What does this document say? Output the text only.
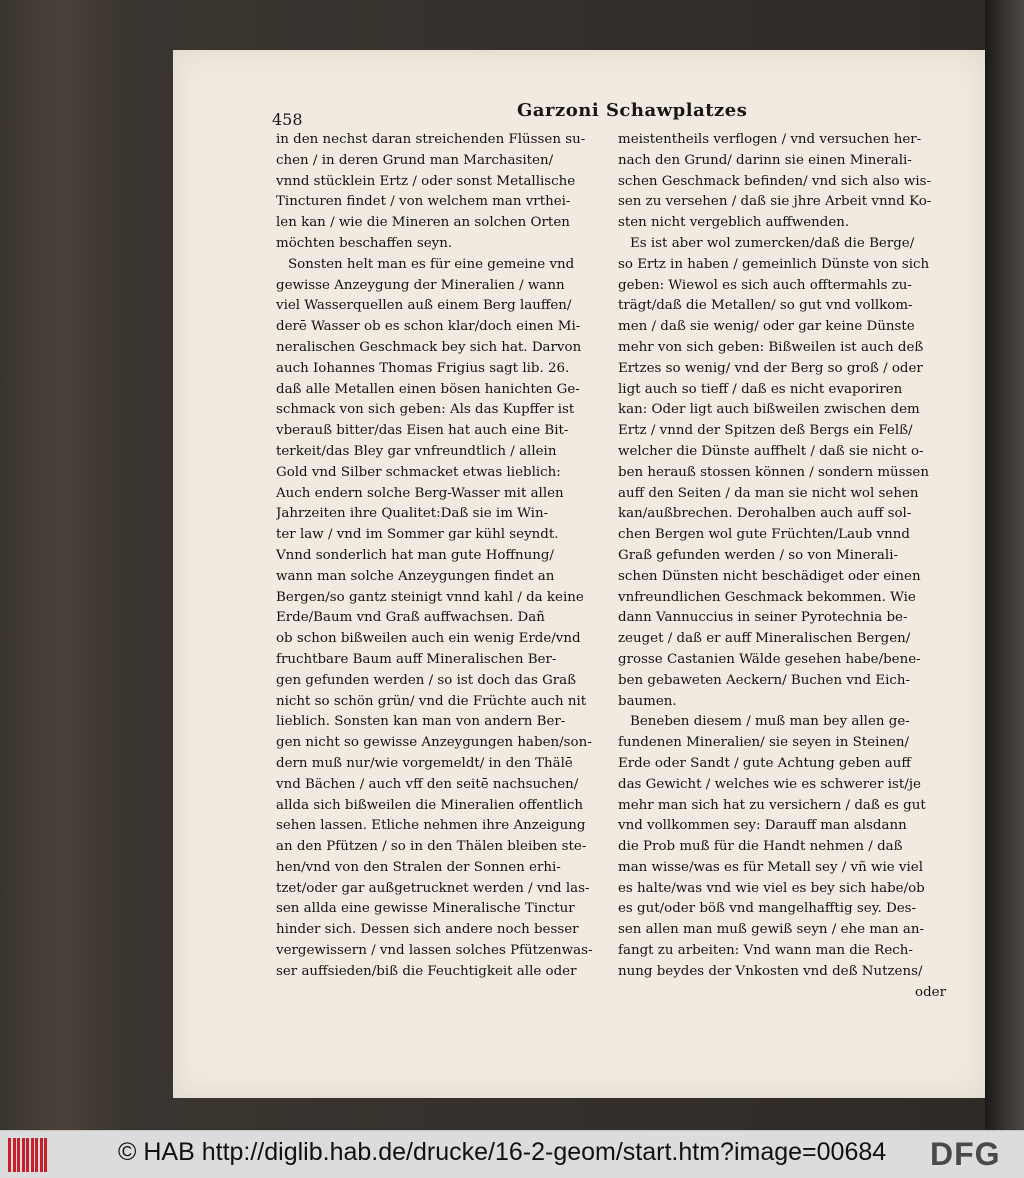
458	Garzoni Schawplatzes
in den nechst daran streichenden Flüssen su-
chen / in deren Grund man Marchasiten/
vnnd stücklein Ertz / oder sonst Metallische
Tincturen findet / von welchem man vrthei-
len kan / wie die Mineren an solchen Orten
möchten beschaffen seyn.
Sonsten helt man es für eine gemeine vnd
gewisse Anzeygung der Mineralien / wann
viel Wasserquellen auß einem Berg lauffen/
derē Wasser ob es schon klar/doch einen Mi-
neralischen Geschmack bey sich hat. Darvon
auch Iohannes Thomas Frigius sagt lib. 26.
daß alle Metallen einen bösen hanichten Ge-
schmack von sich geben: Als das Kupffer ist
vberauß bitter/das Eisen hat auch eine Bit-
terkeit/das Bley gar vnfreundtlich / allein
Gold vnd Silber schmacket etwas lieblich:
Auch endern solche Berg-Wasser mit allen
Jahrzeiten ihre Qualitet:Daß sie im Win-
ter law / vnd im Sommer gar kühl seyndt.
Vnnd sonderlich hat man gute Hoffnung/
wann man solche Anzeygungen findet an
Bergen/so gantz steinigt vnnd kahl / da keine
Erde/Baum vnd Graß auffwachsen. Dañ
ob schon bißweilen auch ein wenig Erde/vnd
fruchtbare Baum auff Mineralischen Ber-
gen gefunden werden / so ist doch das Graß
nicht so schön grün/ vnd die Früchte auch nit
lieblich. Sonsten kan man von andern Ber-
gen nicht so gewisse Anzeygungen haben/son-
dern muß nur/wie vorgemeldt/ in den Thälē
vnd Bächen / auch vff den seitē nachsuchen/
allda sich bißweilen die Mineralien offentlich
sehen lassen. Etliche nehmen ihre Anzeigung
an den Pfützen / so in den Thälen bleiben ste-
hen/vnd von den Stralen der Sonnen erhi-
tzet/oder gar außgetrucknet werden / vnd las-
sen allda eine gewisse Mineralische Tinctur
hinder sich. Dessen sich andere noch besser
vergewissern / vnd lassen solches Pfützenwas-
ser auffsieden/biß die Feuchtigkeit alle oder
meistentheils verflogen / vnd versuchen her-
nach den Grund/ darinn sie einen Minerali-
schen Geschmack befinden/ vnd sich also wis-
sen zu versehen / daß sie jhre Arbeit vnnd Ko-
sten nicht vergeblich auffwenden.
Es ist aber wol zumercken/daß die Berge/
so Ertz in haben / gemeinlich Dünste von sich
geben: Wiewol es sich auch offtermahls zu-
trägt/daß die Metallen/ so gut vnd vollkom-
men / daß sie wenig/ oder gar keine Dünste
mehr von sich geben: Bißweilen ist auch deß
Ertzes so wenig/ vnd der Berg so groß / oder
ligt auch so tieff / daß es nicht evaporiren
kan: Oder ligt auch bißweilen zwischen dem
Ertz / vnnd der Spitzen deß Bergs ein Felß/
welcher die Dünste auffhelt / daß sie nicht o-
ben herauß stossen können / sondern müssen
auff den Seiten / da man sie nicht wol sehen
kan/außbrechen. Derohalben auch auff sol-
chen Bergen wol gute Früchten/Laub vnnd
Graß gefunden werden / so von Minerali-
schen Dünsten nicht beschädiget oder einen
vnfreundlichen Geschmack bekommen. Wie
dann Vannuccius in seiner Pyrotechnia be-
zeuget / daß er auff Mineralischen Bergen/
grosse Castanien Wälde gesehen habe/bene-
ben gebaweten Aeckern/ Buchen vnd Eich-
baumen.
Beneben diesem / muß man bey allen ge-
fundenen Mineralien/ sie seyen in Steinen/
Erde oder Sandt / gute Achtung geben auff
das Gewicht / welches wie es schwerer ist/je
mehr man sich hat zu versichern / daß es gut
vnd vollkommen sey: Darauff man alsdann
die Prob muß für die Handt nehmen / daß
man wisse/was es für Metall sey / vñ wie viel
es halte/was vnd wie viel es bey sich habe/ob
es gut/oder böß vnd mangelhafftig sey. Des-
sen allen man muß gewiß seyn / ehe man an-
fangt zu arbeiten: Vnd wann man die Rech-
nung beydes der Vnkosten vnd deß Nutzens/
oder
© HAB http://diglib.hab.de/drucke/16-2-geom/start.htm?image=00684 DFG
